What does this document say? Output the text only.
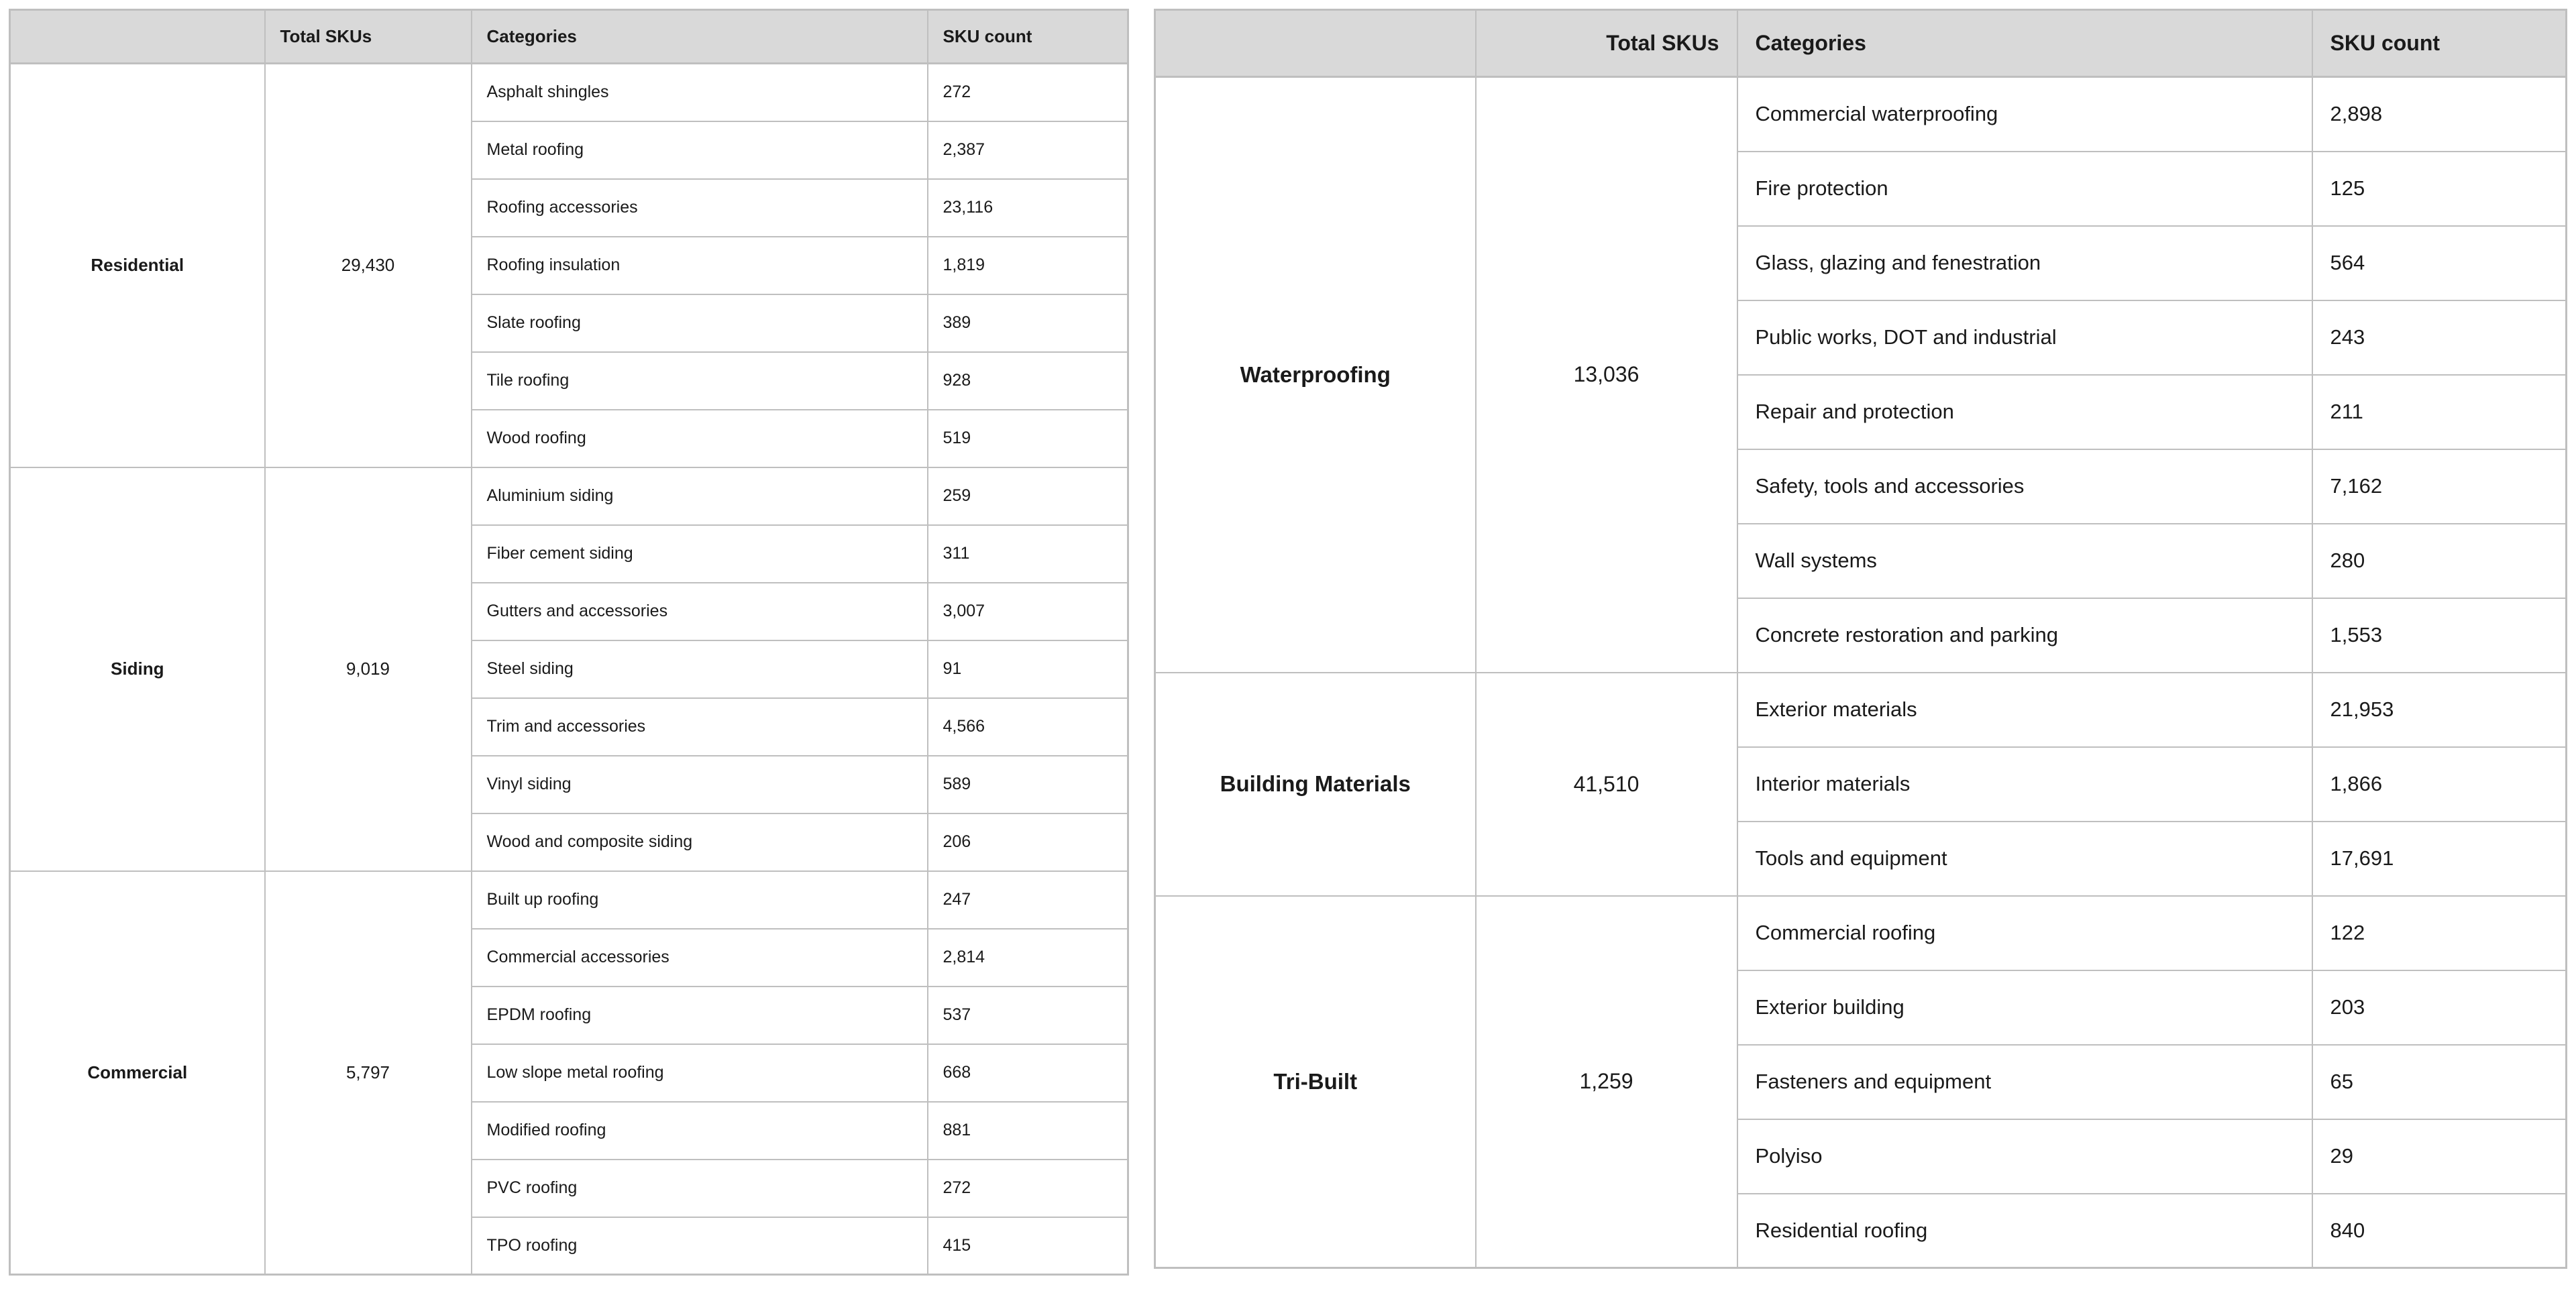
	Total SKUs	Categories	SKU count
Residential	29,430	Asphalt shingles	272
		Metal roofing	2,387
		Roofing accessories	23,116
		Roofing insulation	1,819
		Slate roofing	389
		Tile roofing	928
		Wood roofing	519
Siding	9,019	Aluminium siding	259
		Fiber cement siding	311
		Gutters and accessories	3,007
		Steel siding	91
		Trim and accessories	4,566
		Vinyl siding	589
		Wood and composite siding	206
Commercial	5,797	Built up roofing	247
		Commercial accessories	2,814
		EPDM roofing	537
		Low slope metal roofing	668
		Modified roofing	881
		PVC roofing	272
		TPO roofing	415
	Total SKUs	Categories	SKU count
Waterproofing	13,036	Commercial waterproofing	2,898
		Fire protection	125
		Glass, glazing and fenestration	564
		Public works, DOT and industrial	243
		Repair and protection	211
		Safety, tools and accessories	7,162
		Wall systems	280
		Concrete restoration and parking	1,553
Building Materials	41,510	Exterior materials	21,953
		Interior materials	1,866
		Tools and equipment	17,691
Tri-Built	1,259	Commercial roofing	122
		Exterior building	203
		Fasteners and equipment	65
		Polyiso	29
		Residential roofing	840
